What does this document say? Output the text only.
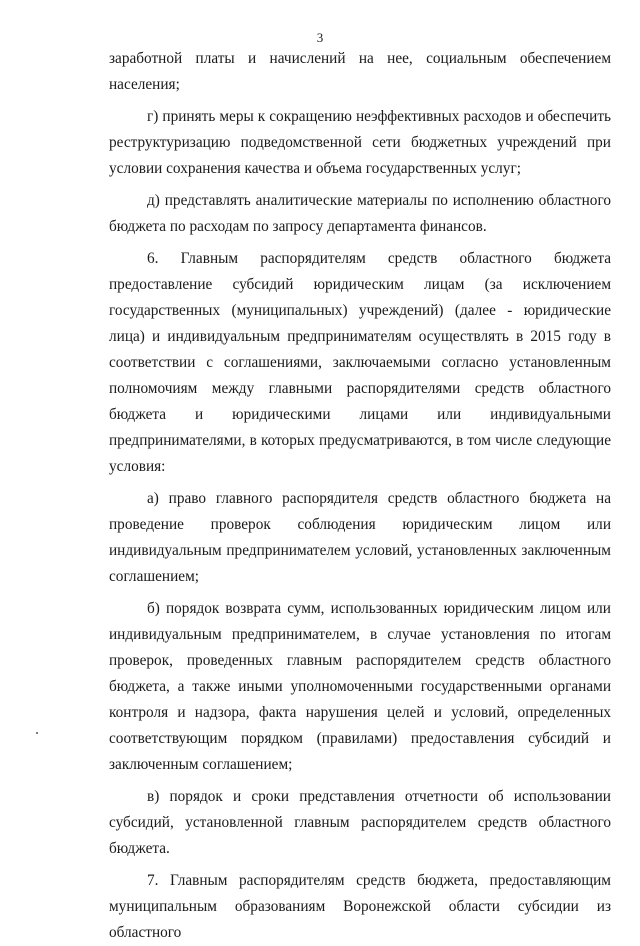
3

заработной платы и начислений на нее, социальным обеспечением населения;

г) принять меры к сокращению неэффективных расходов и обеспечить реструктуризацию подведомственной сети бюджетных учреждений при условии сохранения качества и объема государственных услуг;

д) представлять аналитические материалы по исполнению областного бюджета по расходам по запросу департамента финансов.

6. Главным распорядителям средств областного бюджета предоставление субсидий юридическим лицам (за исключением государственных (муниципальных) учреждений) (далее - юридические лица) и индивидуальным предпринимателям осуществлять в 2015 году в соответствии с соглашениями, заключаемыми согласно установленным полномочиям между главными распорядителями средств областного бюджета и юридическими лицами или индивидуальными предпринимателями, в которых предусматриваются, в том числе следующие условия:

а) право главного распорядителя средств областного бюджета на проведение проверок соблюдения юридическим лицом или индивидуальным предпринимателем условий, установленных заключенным соглашением;

б) порядок возврата сумм, использованных юридическим лицом или индивидуальным предпринимателем, в случае установления по итогам проверок, проведенных главным распорядителем средств областного бюджета, а также иными уполномоченными государственными органами контроля и надзора, факта нарушения целей и условий, определенных соответствующим порядком (правилами) предоставления субсидий и заключенным соглашением;

в) порядок и сроки представления отчетности об использовании субсидий, установленной главным распорядителем средств областного бюджета.

7. Главным распорядителям средств бюджета, предоставляющим муниципальным образованиям Воронежской области субсидии из областного
